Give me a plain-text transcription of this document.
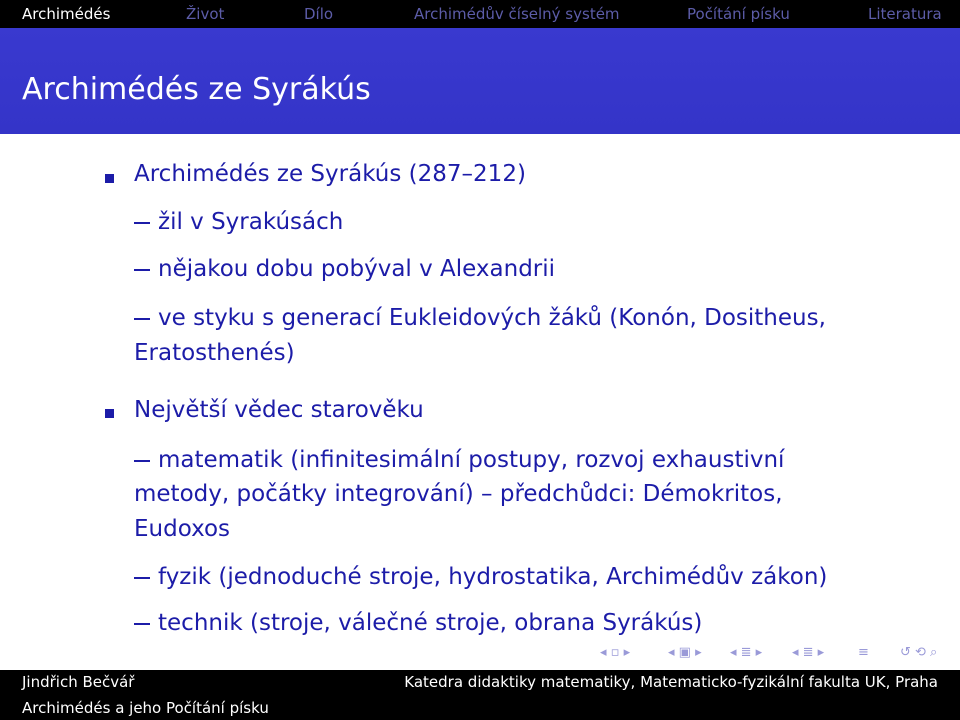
Archimédés	Život	Dílo	Archimédův číselný systém	Počítání písku	Literatura
Archimédés ze Syrákús
Archimédés ze Syrákús (287–212)
žil v Syrakúsách
nějakou dobu pobýval v Alexandrii
ve styku s generací Eukleidových žáků (Konón, Dositheus,
Eratosthenés)
Největší vědec starověku
matematik (infinitesimální postupy, rozvoj exhaustivní
metody, počátky integrování) – předchůdci: Démokritos,
Eudoxos
fyzik (jednoduché stroje, hydrostatika, Archimédův zákon)
technik (stroje, válečné stroje, obrana Syrákús)
◂ ▫ ▸	◂ ▣ ▸ ◂ ≣ ▸ ◂ ≣ ▸	≡ ↺ ⟲ ⌕
Jindřich Bečvář	Katedra didaktiky matematiky, Matematicko-fyzikální fakulta UK, Praha
Archimédés a jeho Počítání písku
